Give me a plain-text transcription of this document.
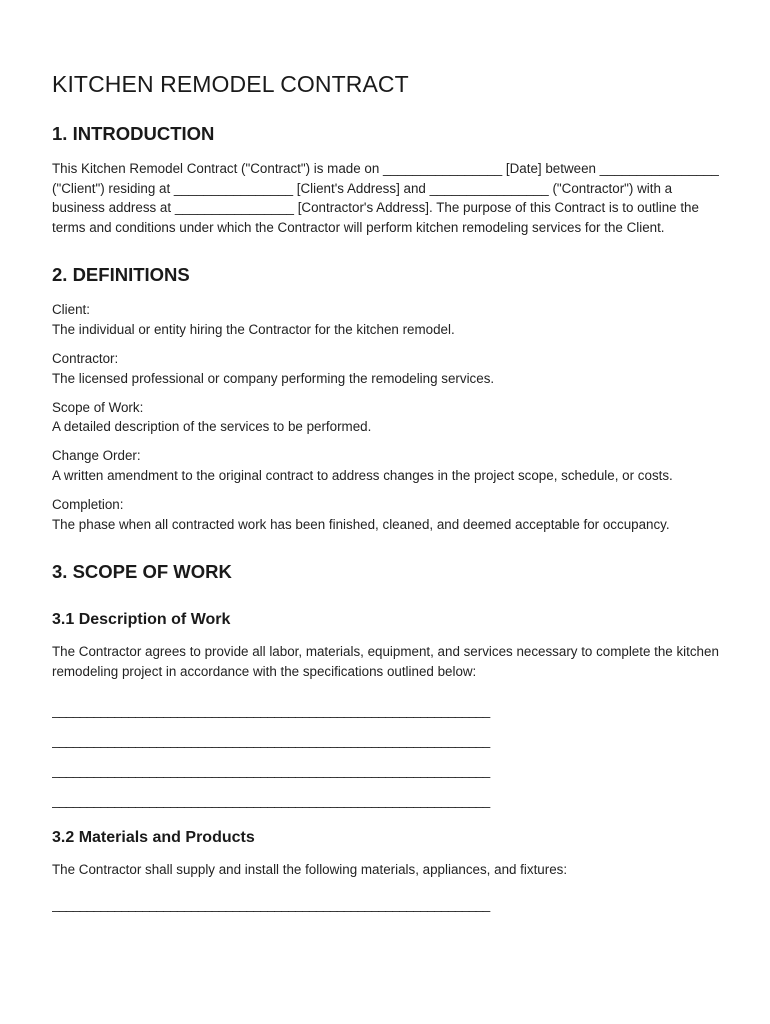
KITCHEN REMODEL CONTRACT
1. INTRODUCTION

This Kitchen Remodel Contract ("Contract") is made on ________________ [Date] between ________________ ("Client") residing at ________________ [Client's Address] and ________________ ("Contractor") with a business address at ________________ [Contractor's Address]. The purpose of this Contract is to outline the terms and conditions under which the Contractor will perform kitchen remodeling services for the Client.

2. DEFINITIONS
Client:
The individual or entity hiring the Contractor for the kitchen remodel.
Contractor:
The licensed professional or company performing the remodeling services.
Scope of Work:
A detailed description of the services to be performed.
Change Order:
A written amendment to the original contract to address changes in the project scope, schedule, or costs.
Completion:
The phase when all contracted work has been finished, cleaned, and deemed acceptable for occupancy.
3. SCOPE OF WORK
3.1 Description of Work

The Contractor agrees to provide all labor, materials, equipment, and services necessary to complete the kitchen remodeling project in accordance with the specifications outlined below:

_______________________________________________________________
_______________________________________________________________
_______________________________________________________________
_______________________________________________________________
3.2 Materials and Products

The Contractor shall supply and install the following materials, appliances, and fixtures:

_______________________________________________________________
